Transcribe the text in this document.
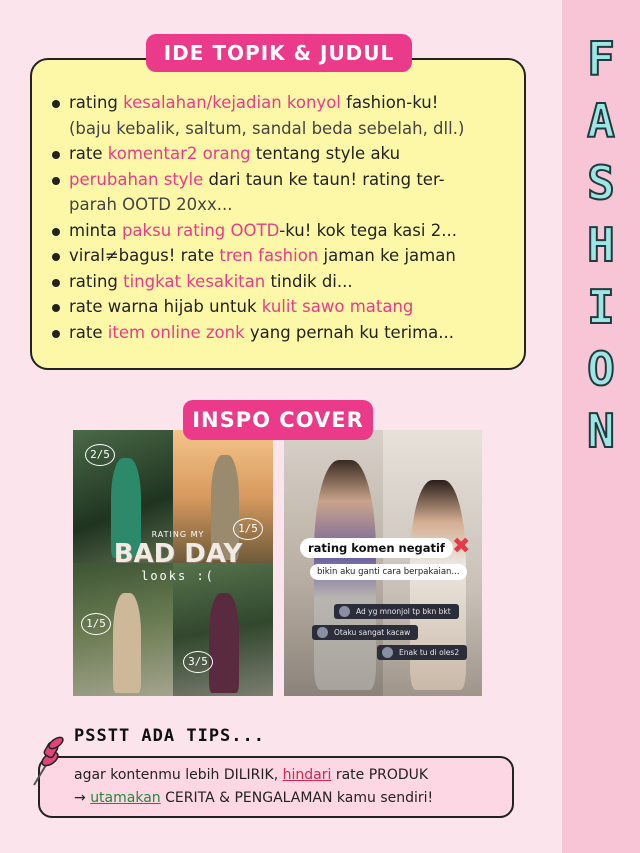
F
A
S
H
I
O
N
IDE TOPIK & JUDUL
rating kesalahan/kejadian konyol fashion-ku!
(baju kebalik, saltum, sandal beda sebelah, dll.)
rate komentar2 orang tentang style aku
perubahan style dari taun ke taun! rating ter-
parah OOTD 20xx...
minta paksu rating OOTD-ku! kok tega kasi 2...
viral≠bagus! rate tren fashion jaman ke jaman
rating tingkat kesakitan tindik di...
rate warna hijab untuk kulit sawo matang
rate item online zonk yang pernah ku terima...
INSPO COVER
2/5
1/5
1/5
3/5
RATING MY
BAD DAY
looks :(
rating komen negatif ✖
bikin aku ganti cara berpakaian...
Ad yg mnonjol tp bkn bkt
Otaku sangat kacaw
Enak tu di oles2
PSSTT ADA TIPS...
agar kontenmu lebih DILIRIK, hindari rate PRODUK
→ utamakan CERITA & PENGALAMAN kamu sendiri!
